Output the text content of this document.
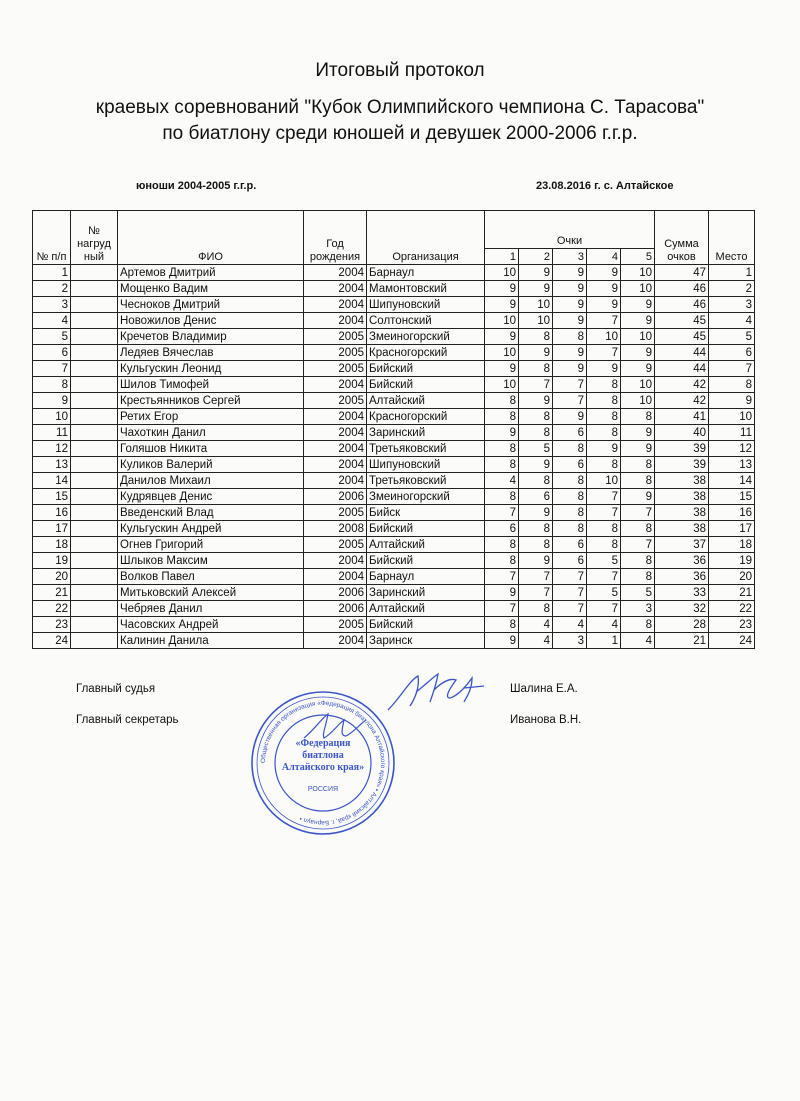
Итоговый протокол
краевых соревнований "Кубок Олимпийского чемпиона С. Тарасова"
по биатлону среди юношей и девушек 2000-2006 г.г.р.
юноши 2004-2005 г.г.р.	23.08.2016 г. с. Алтайское
№ п/п	№ нагруд ный	ФИО	Год рождения	Организация	Очки					Сумма очков	Место
					1	2	3	4	5		
1		Артемов Дмитрий	2004	Барнаул	10	9	9	9	10	47	1
2		Мощенко Вадим	2004	Мамонтовский	9	9	9	9	10	46	2
3		Чесноков Дмитрий	2004	Шипуновский	9	10	9	9	9	46	3
4		Новожилов Денис	2004	Солтонский	10	10	9	7	9	45	4
5		Кречетов Владимир	2005	Змеиногорский	9	8	8	10	10	45	5
6		Ледяев Вячеслав	2005	Красногорский	10	9	9	7	9	44	6
7		Кульгускин Леонид	2005	Бийский	9	8	9	9	9	44	7
8		Шилов Тимофей	2004	Бийский	10	7	7	8	10	42	8
9		Крестьянников Сергей	2005	Алтайский	8	9	7	8	10	42	9
10		Ретих Егор	2004	Красногорский	8	8	9	8	8	41	10
11		Чахоткин Данил	2004	Заринский	9	8	6	8	9	40	11
12		Голяшов Никита	2004	Третьяковский	8	5	8	9	9	39	12
13		Куликов Валерий	2004	Шипуновский	8	9	6	8	8	39	13
14		Данилов Михаил	2004	Третьяковский	4	8	8	10	8	38	14
15		Кудрявцев Денис	2006	Змеиногорский	8	6	8	7	9	38	15
16		Введенский Влад	2005	Бийск	7	9	8	7	7	38	16
17		Кульгускин Андрей	2008	Бийский	6	8	8	8	8	38	17
18		Огнев Григорий	2005	Алтайский	8	8	6	8	7	37	18
19		Шлыков Максим	2004	Бийский	8	9	6	5	8	36	19
20		Волков Павел	2004	Барнаул	7	7	7	7	8	36	20
21		Митьковский Алексей	2006	Заринский	9	7	7	5	5	33	21
22		Чебряев Данил	2006	Алтайский	7	8	7	7	3	32	22
23		Часовских Андрей	2005	Бийский	8	4	4	4	8	28	23
24		Калинин Данила	2004	Заринск	9	4	3	1	4	21	24
Главный судья	Шалина Е.А.
Главный секретарь	Иванова В.Н.
Общественная организация «Федерация биатлона Алтайского края» • Алтайский край, г. Барнаул •
«Федерация биатлона Алтайского края»
РОССИЯ
